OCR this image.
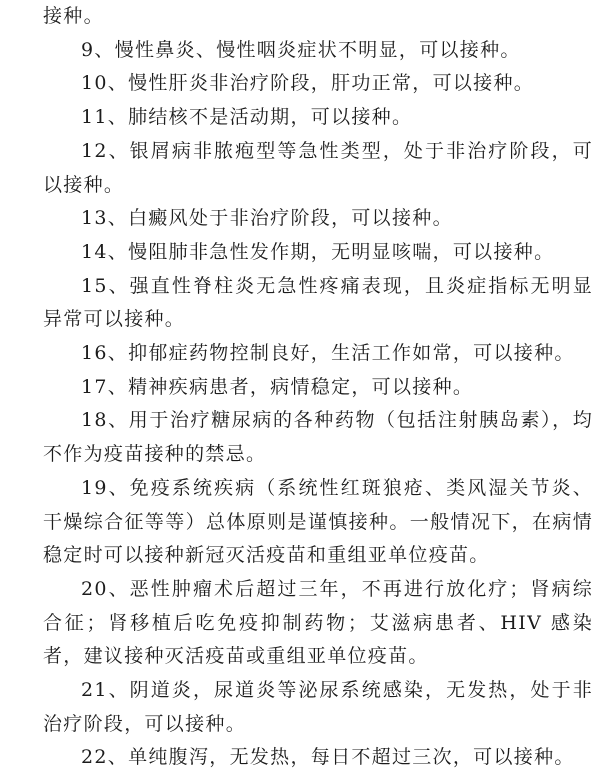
接种。

9、慢性鼻炎、慢性咽炎症状不明显，可以接种。

10、慢性肝炎非治疗阶段，肝功正常，可以接种。

11、肺结核不是活动期，可以接种。

12、银屑病非脓疱型等急性类型，处于非治疗阶段，可以接种。

13、白癜风处于非治疗阶段，可以接种。

14、慢阻肺非急性发作期，无明显咳喘，可以接种。

15、强直性脊柱炎无急性疼痛表现，且炎症指标无明显异常可以接种。

16、抑郁症药物控制良好，生活工作如常，可以接种。

17、精神疾病患者，病情稳定，可以接种。

18、用于治疗糖尿病的各种药物（包括注射胰岛素），均不作为疫苗接种的禁忌。

19、免疫系统疾病（系统性红斑狼疮、类风湿关节炎、干燥综合征等等）总体原则是谨慎接种。一般情况下，在病情稳定时可以接种新冠灭活疫苗和重组亚单位疫苗。

20、恶性肿瘤术后超过三年，不再进行放化疗；肾病综合征；肾移植后吃免疫抑制药物；艾滋病患者、HIV 感染者，建议接种灭活疫苗或重组亚单位疫苗。

21、阴道炎，尿道炎等泌尿系统感染，无发热，处于非治疗阶段，可以接种。

22、单纯腹泻，无发热，每日不超过三次，可以接种。
